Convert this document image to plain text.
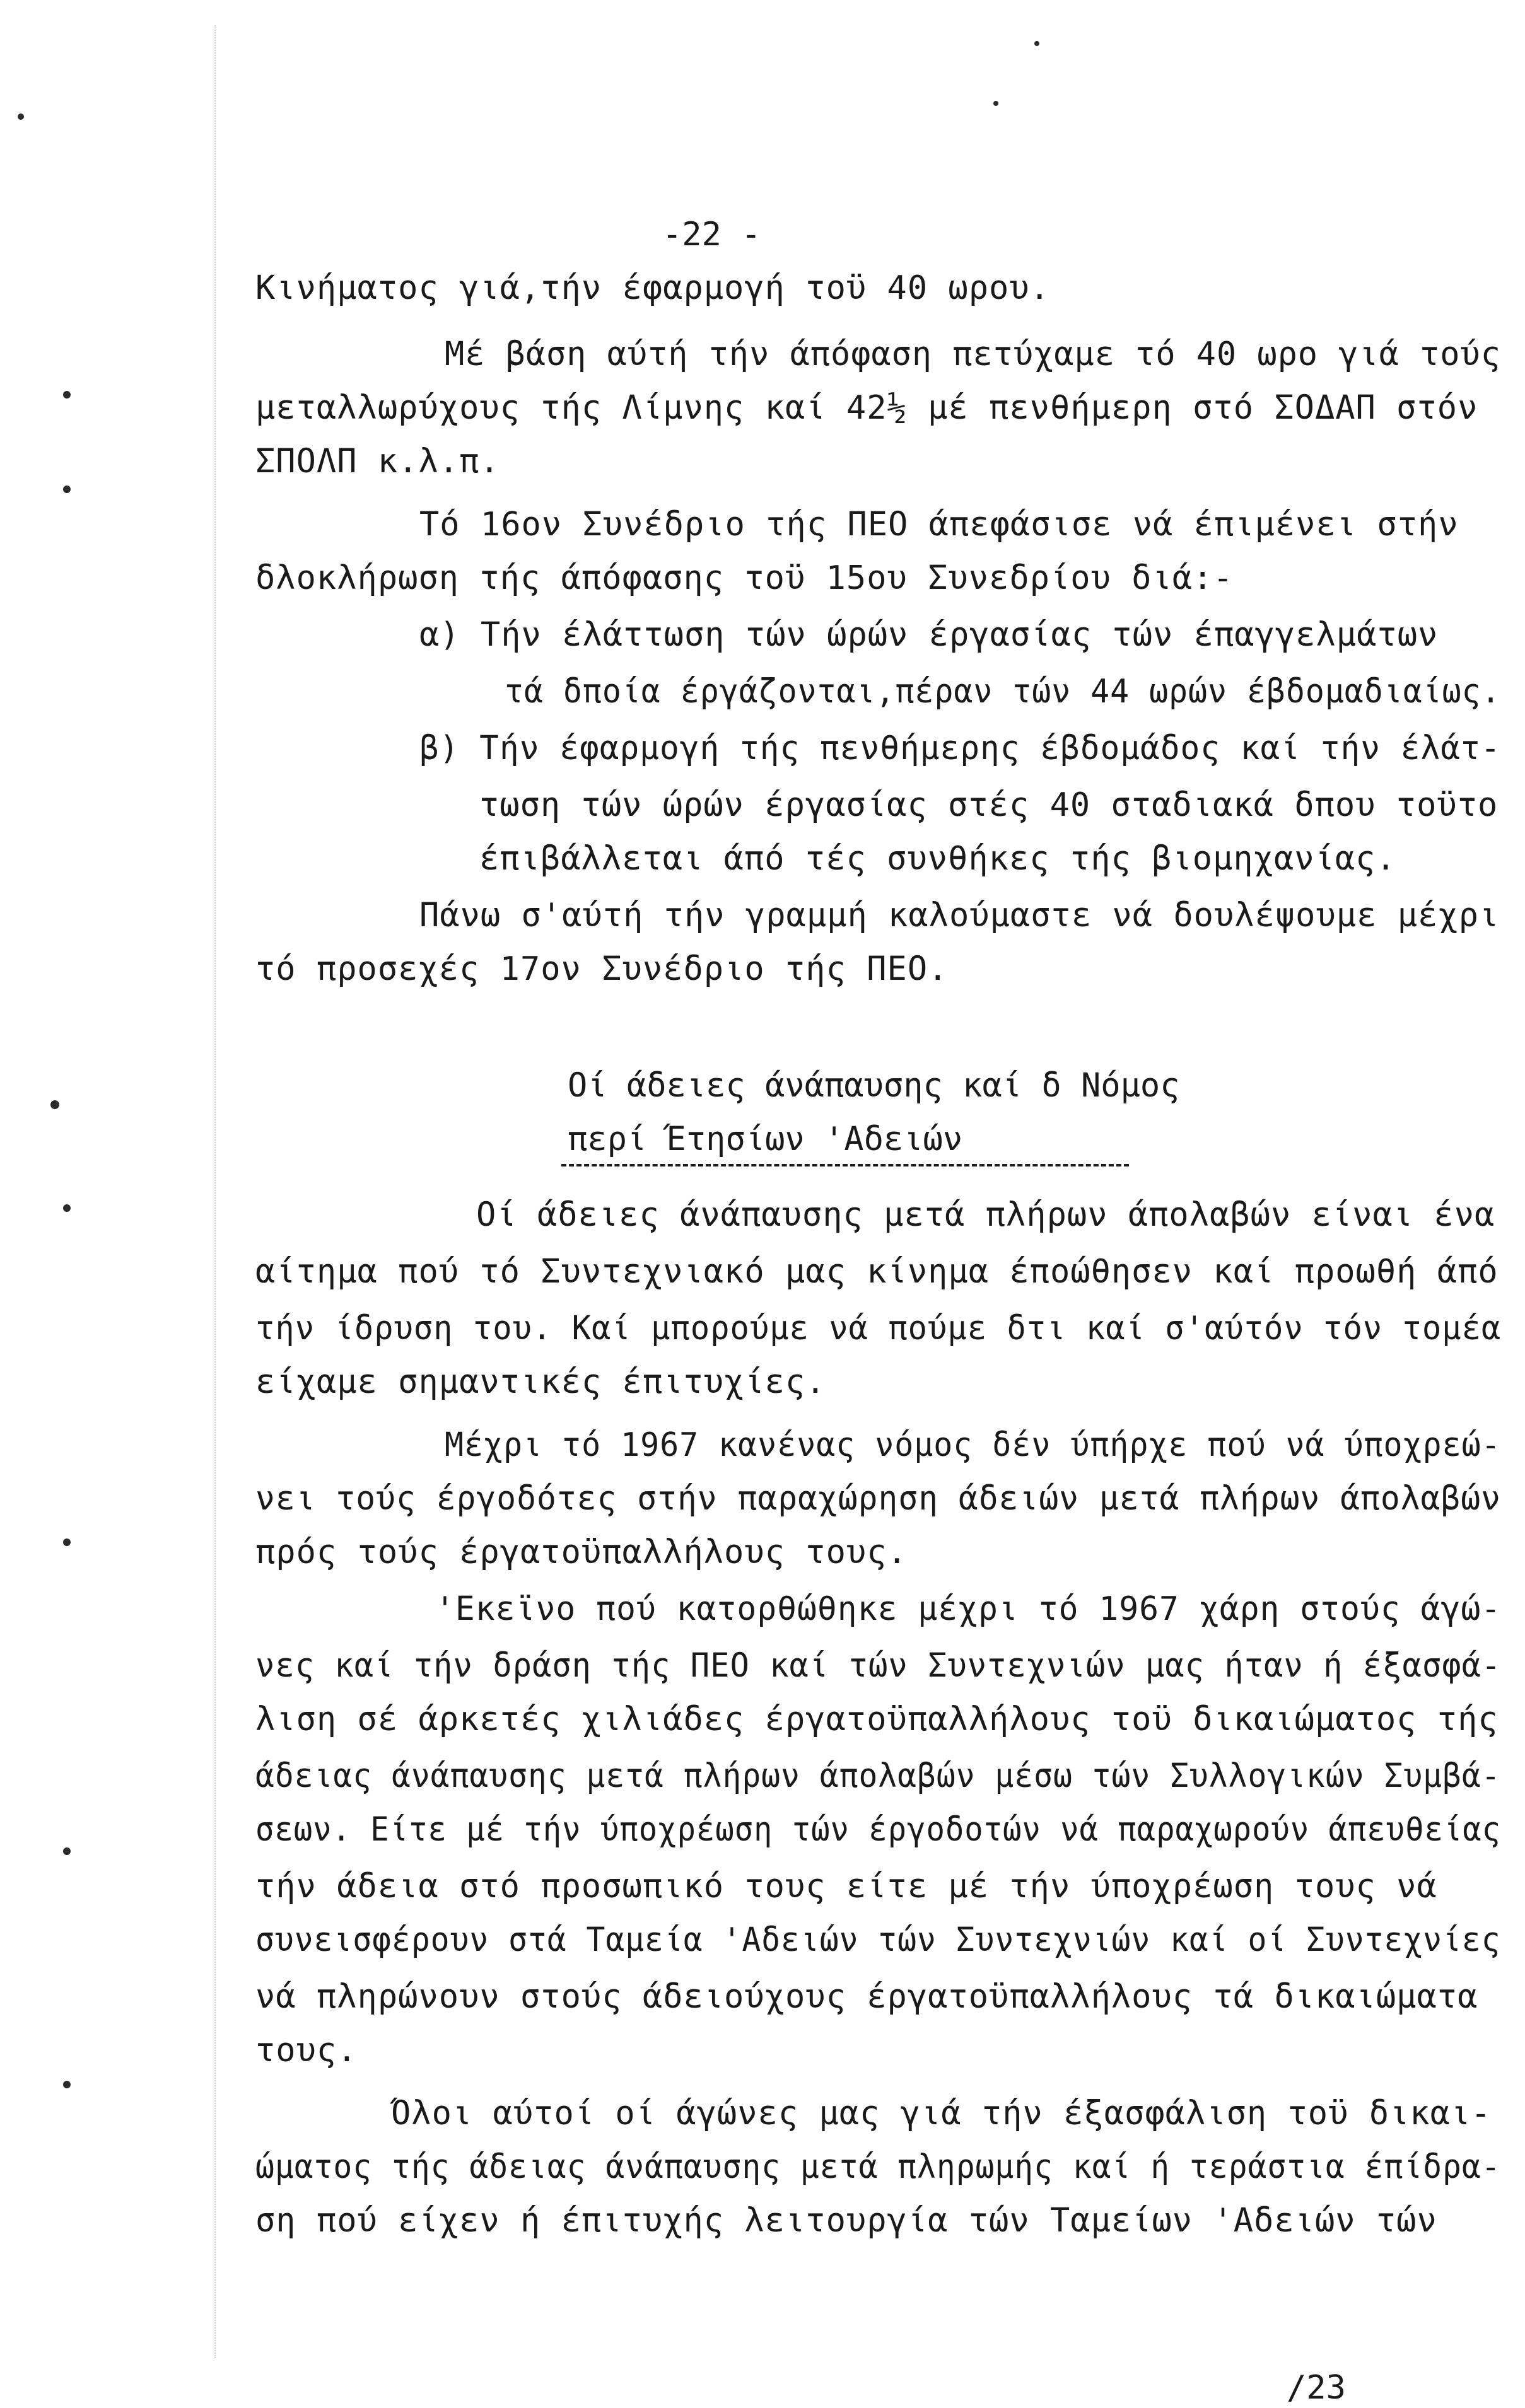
-22 -
Κινήματος γιά,τήν έφαρμογή τοϋ 40 ωρου.
Μέ βάση αύτή τήν άπόφαση πετύχαμε τό 40 ωρο γιά τούς
μεταλλωρύχους τής Λίμνης καί 42½ μέ πενθήμερη στό ΣΟΔΑΠ στόν
ΣΠΟΛΠ κ.λ.π.
Τό 16ον Συνέδριο τής ΠΕΟ άπεφάσισε νά έπιμένει στήν
δλοκλήρωση τής άπόφασης τοϋ 15ου Συνεδρίου διά:-
α) Τήν έλάττωση τών ώρών έργασίας τών έπαγγελμάτων
τά δποία έργάζονται,πέραν τών 44 ωρών έβδομαδιαίως.
β) Τήν έφαρμογή τής πενθήμερης έβδομάδος καί τήν έλάτ-
τωση τών ώρών έργασίας στές 40 σταδιακά δπου τοϋτο
έπιβάλλεται άπό τές συνθήκες τής βιομηχανίας.
Πάνω σ'αύτή τήν γραμμή καλούμαστε νά δουλέψουμε μέχρι
τό προσεχές 17ον Συνέδριο τής ΠΕΟ.
Οί άδειες άνάπαυσης καί δ Νόμος
περί Έτησίων 'Αδειών
Οί άδειες άνάπαυσης μετά πλήρων άπολαβών είναι ένα
αίτημα πού τό Συντεχνιακό μας κίνημα έποώθησεν καί προωθή άπό
τήν ίδρυση του. Καί μπορούμε νά πούμε δτι καί σ'αύτόν τόν τομέα
είχαμε σημαντικές έπιτυχίες.
Μέχρι τό 1967 κανένας νόμος δέν ύπήρχε πού νά ύποχρεώ-
νει τούς έργοδότες στήν παραχώρηση άδειών μετά πλήρων άπολαβών
πρός τούς έργατοϋπαλλήλους τους.
'Εκεϊνο πού κατορθώθηκε μέχρι τό 1967 χάρη στούς άγώ-
νες καί τήν δράση τής ΠΕΟ καί τών Συντεχνιών μας ήταν ή έξασφά-
λιση σέ άρκετές χιλιάδες έργατοϋπαλλήλους τοϋ δικαιώματος τής
άδειας άνάπαυσης μετά πλήρων άπολαβών μέσω τών Συλλογικών Συμβά-
σεων. Είτε μέ τήν ύποχρέωση τών έργοδοτών νά παραχωρούν άπευθείας
τήν άδεια στό προσωπικό τους είτε μέ τήν ύποχρέωση τους νά
συνεισφέρουν στά Ταμεία 'Αδειών τών Συντεχνιών καί οί Συντεχνίες
νά πληρώνουν στούς άδειούχους έργατοϋπαλλήλους τά δικαιώματα
τους.
Όλοι αύτοί οί άγώνες μας γιά τήν έξασφάλιση τοϋ δικαι-
ώματος τής άδειας άνάπαυσης μετά πληρωμής καί ή τεράστια έπίδρα-
ση πού είχεν ή έπιτυχής λειτουργία τών Ταμείων 'Αδειών τών
/23
